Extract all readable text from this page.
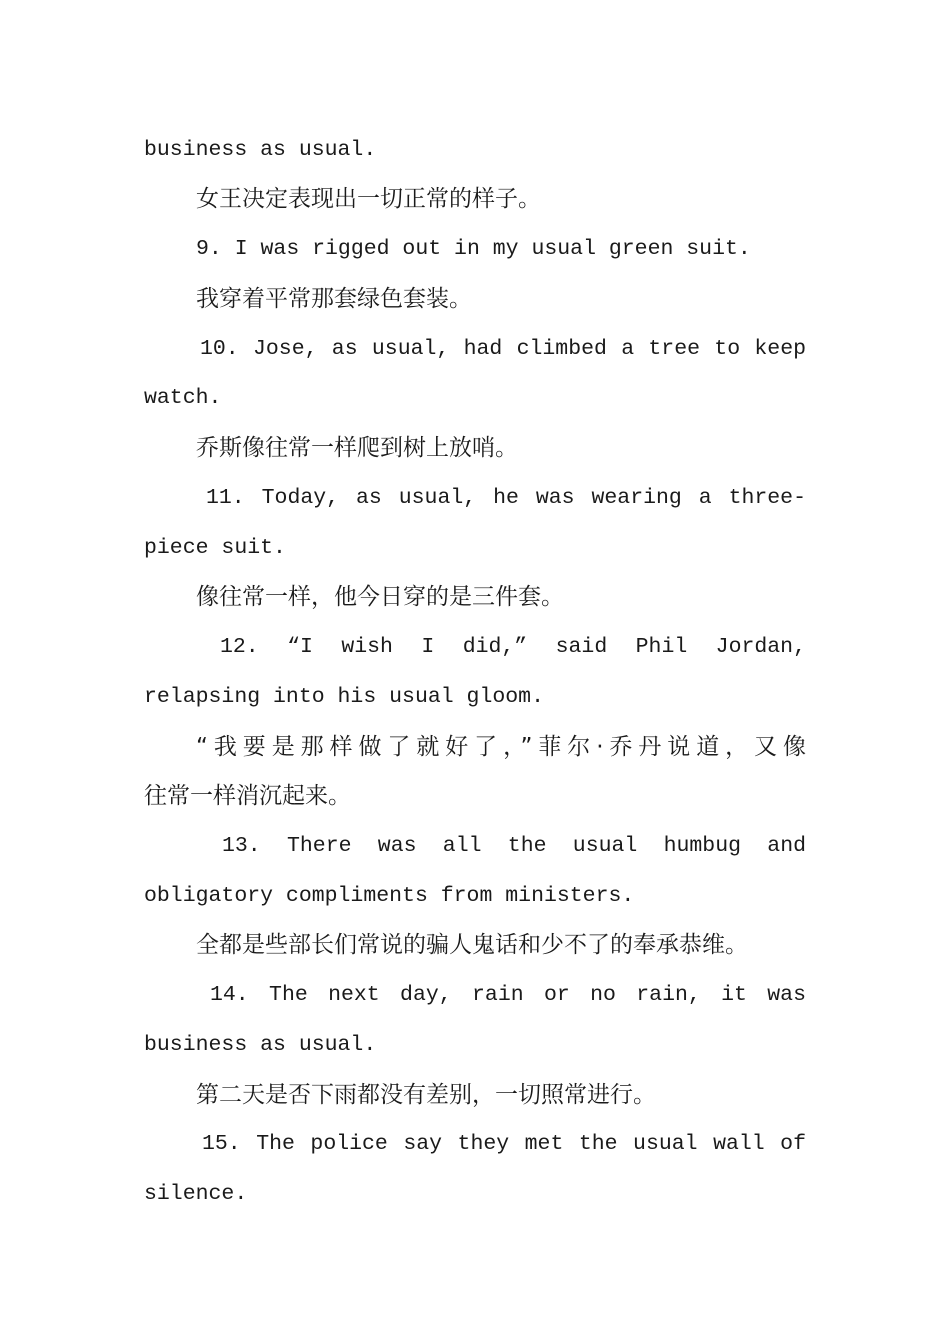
business as usual.
女王决定表现出一切正常的样子。
9. I was rigged out in my usual green suit.
我穿着平常那套绿色套装。
10. Jose, as usual, had climbed a tree to keep
watch.
乔斯像往常一样爬到树上放哨。
11. Today, as usual, he was wearing a three-
piece suit.
像往常一样，他今日穿的是三件套。
12. “I wish I did,” said Phil Jordan,
relapsing into his usual gloom.
“我要是那样做了就好了，”菲尔·乔丹说道，又像
往常一样消沉起来。
13. There was all the usual humbug and
obligatory compliments from ministers.
全都是些部长们常说的骗人鬼话和少不了的奉承恭维。
14. The next day, rain or no rain, it was
business as usual.
第二天是否下雨都没有差别，一切照常进行。
15. The police say they met the usual wall of
silence.
